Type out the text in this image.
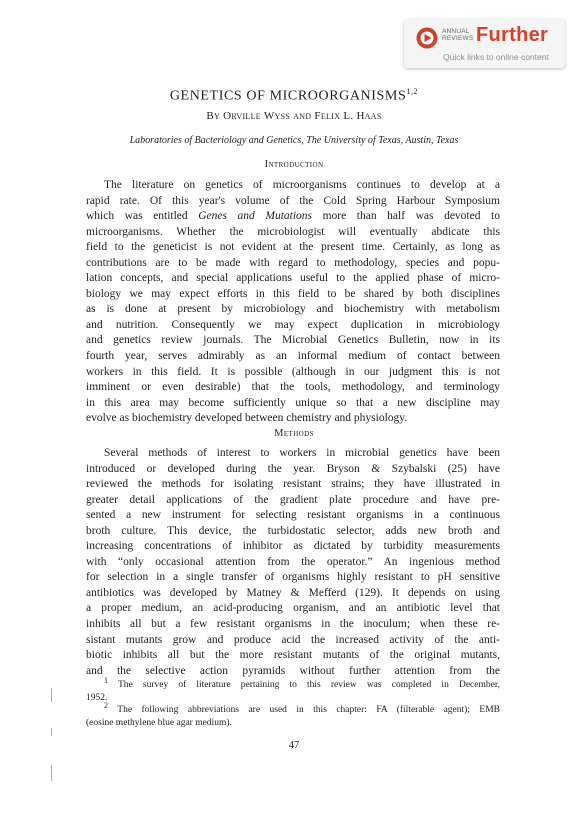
ANNUAL
REVIEWS Further
Quick links to online content
GENETICS OF MICROORGANISMS$^{1,2}$
By Orville Wyss and Felix L. Haas
Laboratories of Bacteriology and Genetics, The University of Texas, Austin, Texas
Introduction
The literature on genetics of microorganisms continues to develop at a
rapid rate. Of this year's volume of the Cold Spring Harbour Symposium
which was entitled Genes and Mutations more than half was devoted to
microorganisms. Whether the microbiologist will eventually abdicate this
field to the geneticist is not evident at the present time. Certainly, as long as
contributions are to be made with regard to methodology, species and popu-
lation concepts, and special applications useful to the applied phase of micro-
biology we may expect efforts in this field to be shared by both disciplines
as is done at present by microbiology and biochemistry with metabolism
and nutrition. Consequently we may expect duplication in microbiology
and genetics review journals. The Microbial Genetics Bulletin, now in its
fourth year, serves admirably as an informal medium of contact between
workers in this field. It is possible (although in our judgment this is not
imminent or even desirable) that the tools, methodology, and terminology
in this area may become sufficiently unique so that a new discipline may
evolve as biochemistry developed between chemistry and physiology.
Methods
Several methods of interest to workers in microbial genetics have been
introduced or developed during the year. Bryson & Szybalski (25) have
reviewed the methods for isolating resistant strains; they have illustrated in
greater detail applications of the gradient plate procedure and have pre-
sented a new instrument for selecting resistant organisms in a continuous
broth culture. This device, the turbidostatic selector, adds new broth and
increasing concentrations of inhibitor as dictated by turbidity measurements
with “only occasional attention from the operator.” An ingenious method
for selection in a single transfer of organisms highly resistant to pH sensitive
antibiotics was developed by Matney & Mefferd (129). It depends on using
a proper medium, an acid-producing organism, and an antibiotic level that
inhibits all but a few resistant organisms in the inoculum; when these re-
sistant mutants grow and produce acid the increased activity of the anti-
biotic inhibits all but the more resistant mutants of the original mutants,
and the selective action pyramids without further attention from the
$^1$ The survey of literature pertaining to this review was completed in December,
1952.
$^2$ The following abbreviations are used in this chapter: FA (filterable agent); EMB
(eosine methylene blue agar medium).
47
